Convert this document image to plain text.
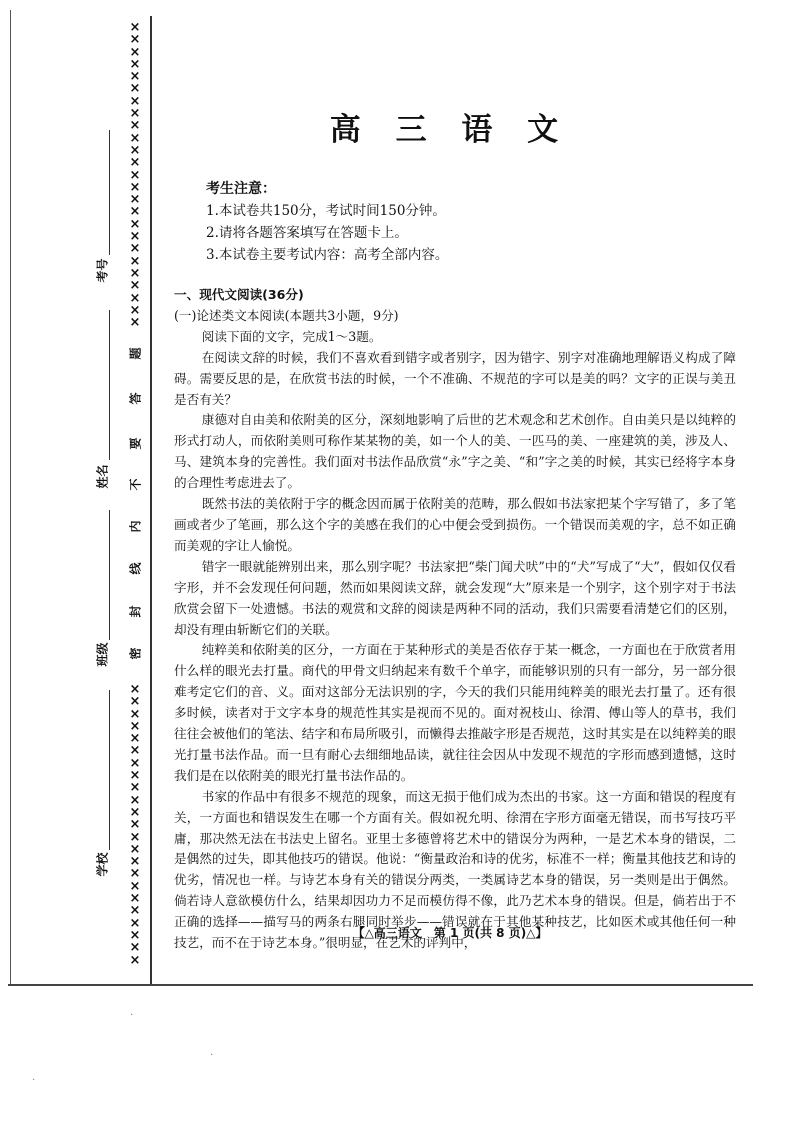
×
×
×
×
×
×
×
×
×
×
×
×
×
×
×
×
×
×
×
×
×
×
×
×
×
×
×
×
×
×
×
×
×
×
×
×
×
×
×
×
×
×
×
×
×
×
×
×
题
答
要
不
内
线
封
密
考号
姓名
班级
学校
高 三 语 文
考生注意：
1.本试卷共150分，考试时间150分钟。
2.请将各题答案填写在答题卡上。
3.本试卷主要考试内容：高考全部内容。

一、现代文阅读(36分)

(一)论述类文本阅读(本题共3小题，9分)

阅读下面的文字，完成1～3题。

在阅读文辞的时候，我们不喜欢看到错字或者别字，因为错字、别字对准确地理解语义构成了障碍。需要反思的是，在欣赏书法的时候，一个不准确、不规范的字可以是美的吗？文字的正误与美丑是否有关？

康德对自由美和依附美的区分，深刻地影响了后世的艺术观念和艺术创作。自由美只是以纯粹的形式打动人，而依附美则可称作某某物的美，如一个人的美、一匹马的美、一座建筑的美，涉及人、马、建筑本身的完善性。我们面对书法作品欣赏“永”字之美、“和”字之美的时候，其实已经将字本身的合理性考虑进去了。

既然书法的美依附于字的概念因而属于依附美的范畴，那么假如书法家把某个字写错了，多了笔画或者少了笔画，那么这个字的美感在我们的心中便会受到损伤。一个错误而美观的字，总不如正确而美观的字让人愉悦。

错字一眼就能辨别出来，那么别字呢？书法家把“柴门闻犬吠”中的“犬”写成了“大”，假如仅仅看字形，并不会发现任何问题，然而如果阅读文辞，就会发现“大”原来是一个别字，这个别字对于书法欣赏会留下一处遗憾。书法的观赏和文辞的阅读是两种不同的活动，我们只需要看清楚它们的区别，却没有理由斩断它们的关联。

纯粹美和依附美的区分，一方面在于某种形式的美是否依存于某一概念，一方面也在于欣赏者用什么样的眼光去打量。商代的甲骨文归纳起来有数千个单字，而能够识别的只有一部分，另一部分很难考定它们的音、义。面对这部分无法识别的字，今天的我们只能用纯粹美的眼光去打量了。还有很多时候，读者对于文字本身的规范性其实是视而不见的。面对祝枝山、徐渭、傅山等人的草书，我们往往会被他们的笔法、结字和布局所吸引，而懒得去推敲字形是否规范，这时其实是在以纯粹美的眼光打量书法作品。而一旦有耐心去细细地品读，就往往会因从中发现不规范的字形而感到遗憾，这时我们是在以依附美的眼光打量书法作品的。

书家的作品中有很多不规范的现象，而这无损于他们成为杰出的书家。这一方面和错误的程度有关，一方面也和错误发生在哪一个方面有关。假如祝允明、徐渭在字形方面毫无错误，而书写技巧平庸，那决然无法在书法史上留名。亚里士多德曾将艺术中的错误分为两种，一是艺术本身的错误，二是偶然的过失，即其他技巧的错误。他说：“衡量政治和诗的优劣，标准不一样；衡量其他技艺和诗的优劣，情况也一样。与诗艺本身有关的错误分两类，一类属诗艺本身的错误，另一类则是出于偶然。倘若诗人意欲模仿什么，结果却因功力不足而模仿得不像，此乃艺术本身的错误。但是，倘若出于不正确的选择——描写马的两条右腿同时举步——错误就在于其他某种技艺，比如医术或其他任何一种技艺，而不在于诗艺本身。”很明显，在艺术的评判中，

【△高三语文　第 1 页(共 8 页)△】
·
·
·
